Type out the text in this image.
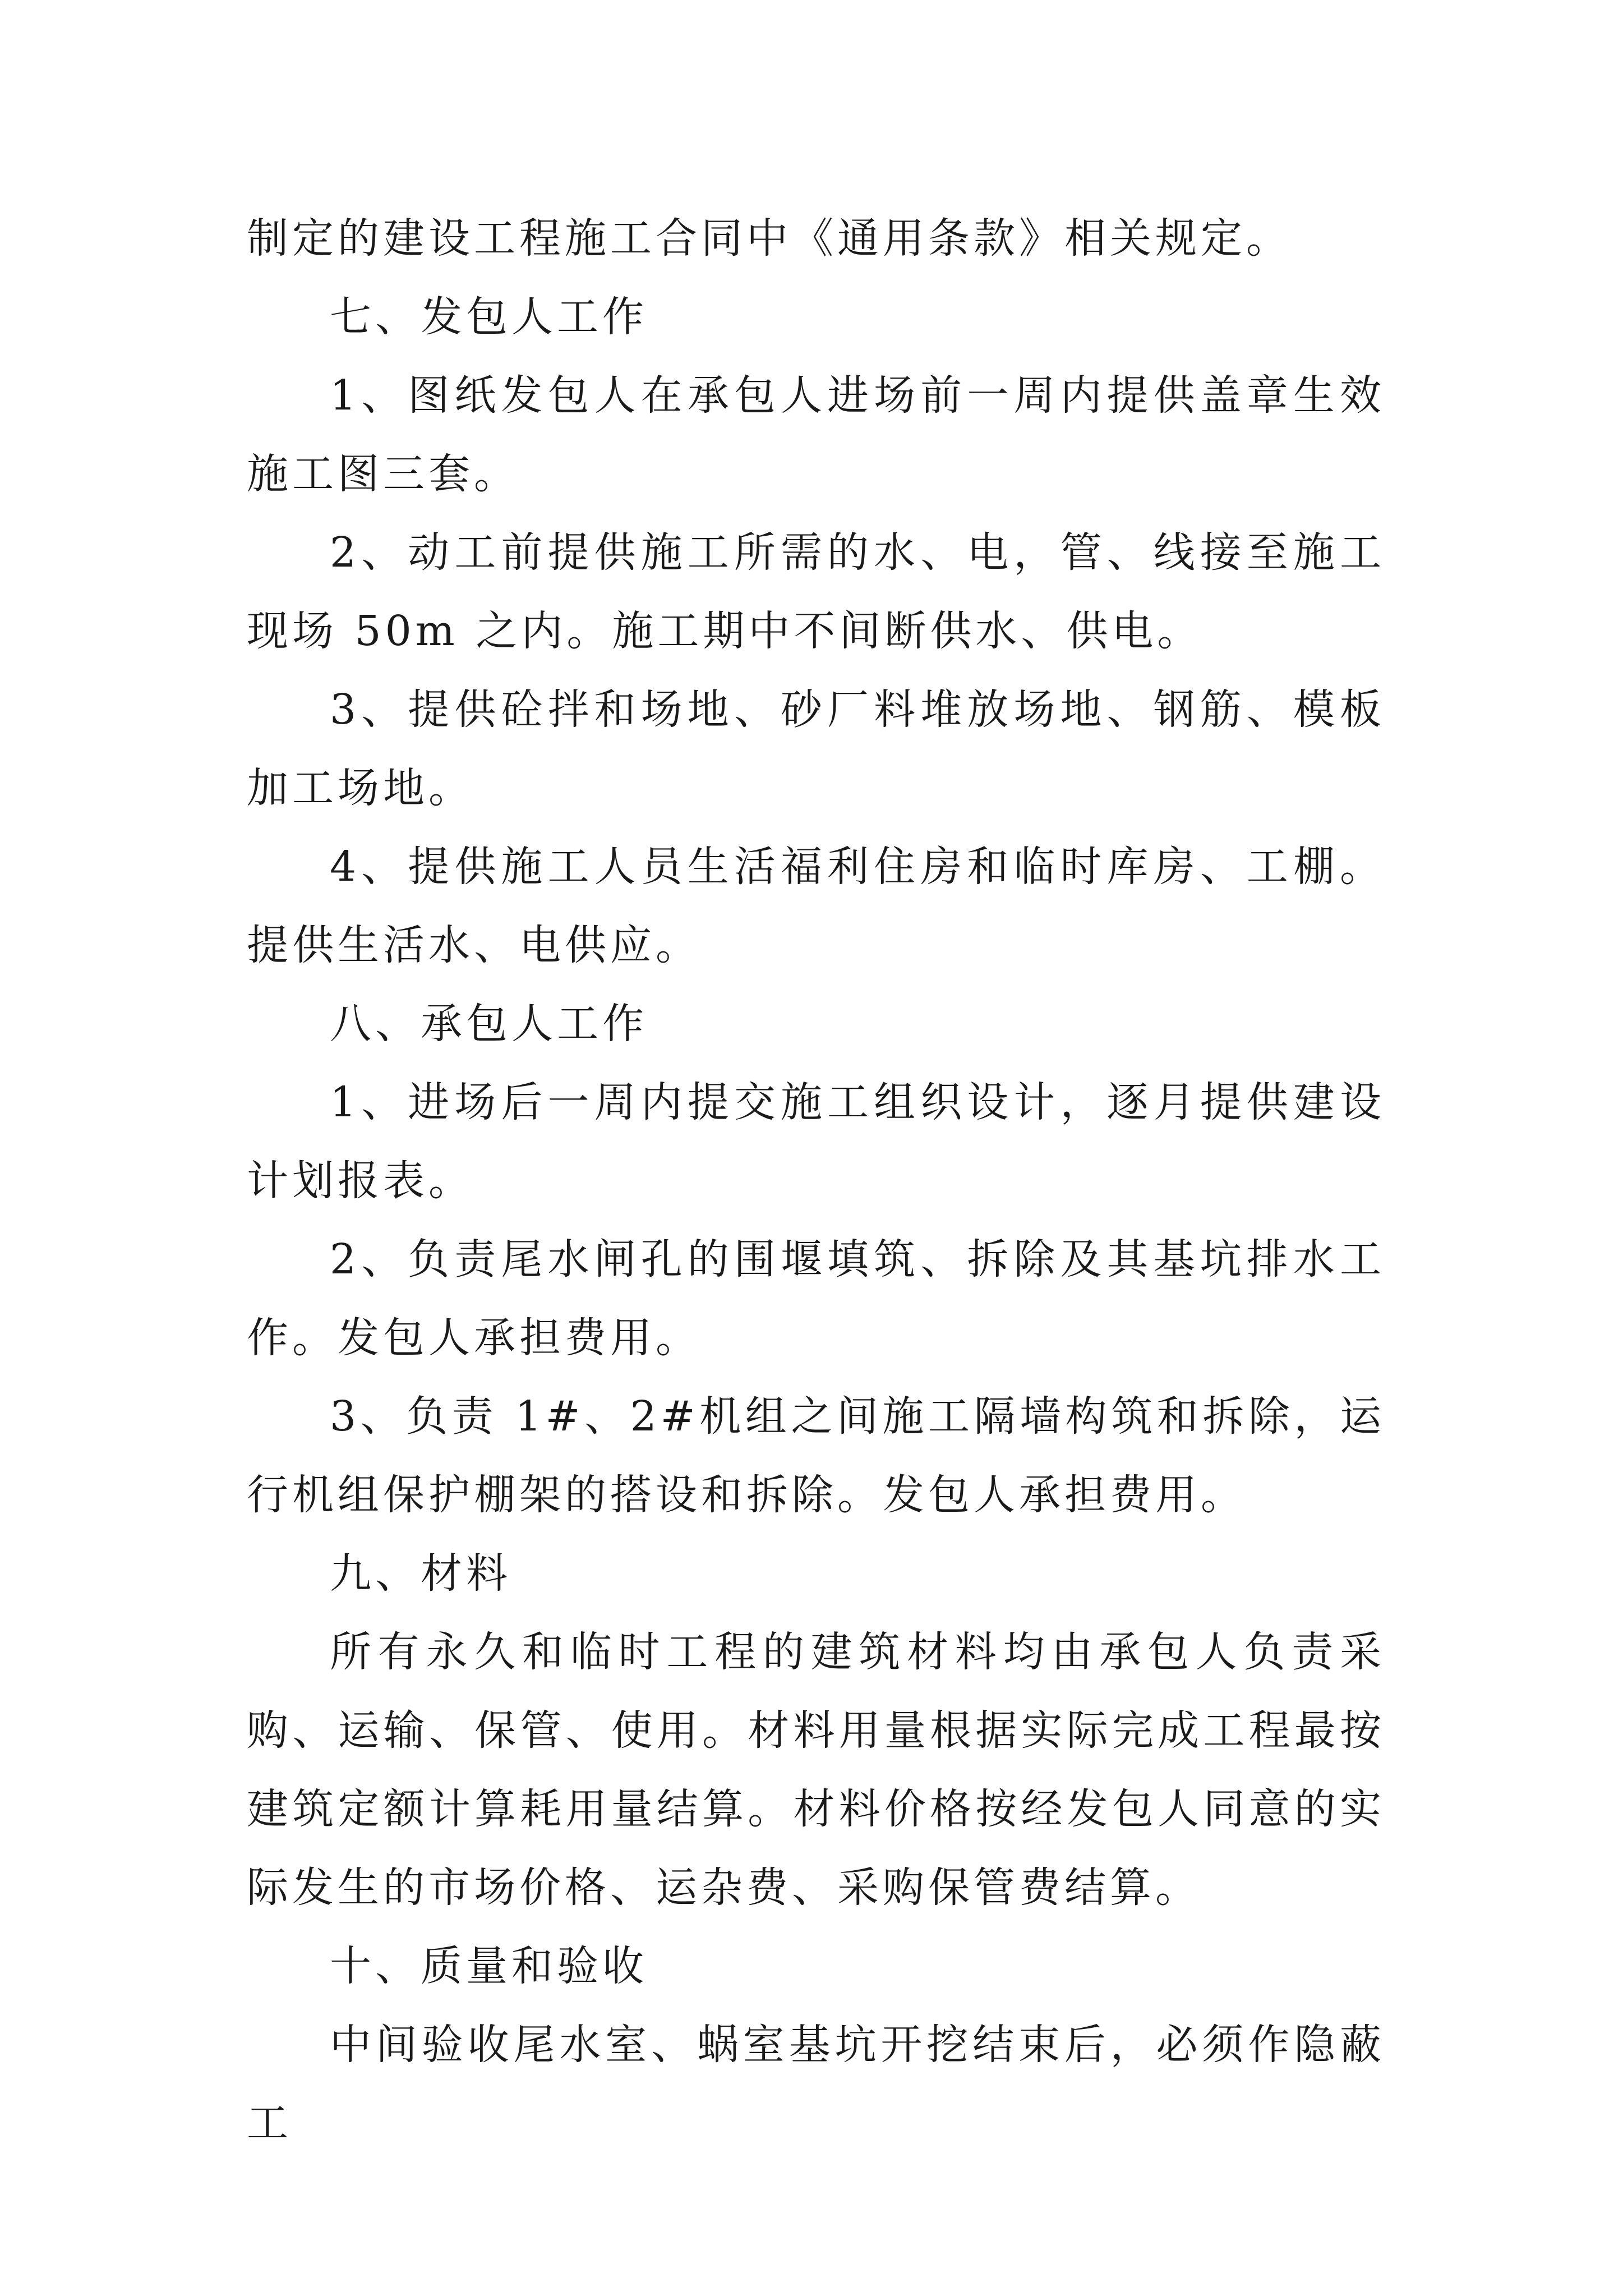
制定的建设工程施工合同中《通用条款》相关规定。

七、发包人工作

1、图纸发包人在承包人进场前一周内提供盖章生效施工图三套。

2、动工前提供施工所需的水、电，管、线接至施工现场 50m 之内。施工期中不间断供水、供电。

3、提供砼拌和场地、砂厂料堆放场地、钢筋、模板加工场地。

4、提供施工人员生活福利住房和临时库房、工棚。提供生活水、电供应。

八、承包人工作

1、进场后一周内提交施工组织设计，逐月提供建设计划报表。

2、负责尾水闸孔的围堰填筑、拆除及其基坑排水工作。发包人承担费用。

3、负责 1#、2#机组之间施工隔墙构筑和拆除，运行机组保护棚架的搭设和拆除。发包人承担费用。

九、材料

所有永久和临时工程的建筑材料均由承包人负责采购、运输、保管、使用。材料用量根据实际完成工程最按建筑定额计算耗用量结算。材料价格按经发包人同意的实际发生的市场价格、运杂费、采购保管费结算。

十、质量和验收

中间验收尾水室、蜗室基坑开挖结束后，必须作隐蔽工
